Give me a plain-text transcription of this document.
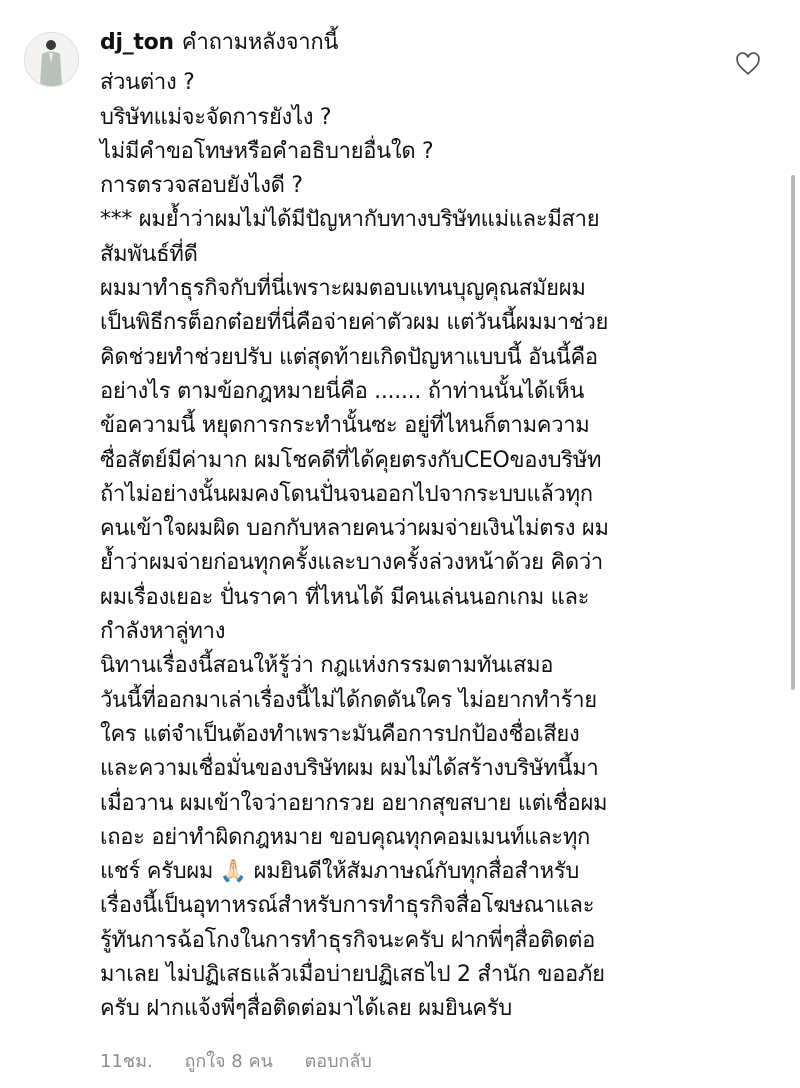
dj_ton คำถามหลังจากนี้
ส่วนต่าง ?
บริษัทแม่จะจัดการยังไง ?
ไม่มีคำขอโทษหรือคำอธิบายอื่นใด ?
การตรวจสอบยังไงดี ?
*** ผมย้ำว่าผมไม่ได้มีปัญหากับทางบริษัทแม่และมีสาย
สัมพันธ์ที่ดี
ผมมาทำธุรกิจกับที่นี่เพราะผมตอบแทนบุญคุณสมัยผม
เป็นพิธีกรต็อกต๋อยที่นี่คือจ่ายค่าตัวผม แต่วันนี้ผมมาช่วย
คิดช่วยทำช่วยปรับ แต่สุดท้ายเกิดปัญหาแบบนี้ อันนี้คือ
อย่างไร ตามข้อกฎหมายนี่คือ ....... ถ้าท่านนั้นได้เห็น
ข้อความนี้ หยุดการกระทำนั้นซะ อยู่ที่ไหนก็ตามความ
ซื่อสัตย์มีค่ามาก ผมโชคดีที่ได้คุยตรงกับCEOของบริษัท
ถ้าไม่อย่างนั้นผมคงโดนปั่นจนออกไปจากระบบแล้วทุก
คนเข้าใจผมผิด บอกกับหลายคนว่าผมจ่ายเงินไม่ตรง ผม
ย้ำว่าผมจ่ายก่อนทุกครั้งและบางครั้งล่วงหน้าด้วย คิดว่า
ผมเรื่องเยอะ ปั่นราคา ที่ไหนได้ มีคนเล่นนอกเกม และ
กำลังหาลู่ทาง
นิทานเรื่องนี้สอนให้รู้ว่า กฎแห่งกรรมตามทันเสมอ
วันนี้ที่ออกมาเล่าเรื่องนี้ไม่ได้กดดันใคร ไม่อยากทำร้าย
ใคร แต่จำเป็นต้องทำเพราะมันคือการปกป้องชื่อเสียง
และความเชื่อมั่นของบริษัทผม ผมไม่ได้สร้างบริษัทนี้มา
เมื่อวาน ผมเข้าใจว่าอยากรวย อยากสุขสบาย แต่เชื่อผม
เถอะ อย่าทำผิดกฎหมาย ขอบคุณทุกคอมเมนท์และทุก
แชร์ ครับผม 🙏🏻 ผมยินดีให้สัมภาษณ์กับทุกสื่อสำหรับ
เรื่องนี้เป็นอุทาหรณ์สำหรับการทำธุรกิจสื่อโฆษณาและ
รู้ทันการฉ้อโกงในการทำธุรกิจนะครับ ฝากพี่ๆสื่อติดต่อ
มาเลย ไม่ปฏิเสธแล้วเมื่อบ่ายปฏิเสธไป 2 สำนัก ขออภัย
ครับ ฝากแจ้งพี่ๆสื่อติดต่อมาได้เลย ผมยินครับ
11ชม. ถูกใจ 8 คน ตอบกลับ
